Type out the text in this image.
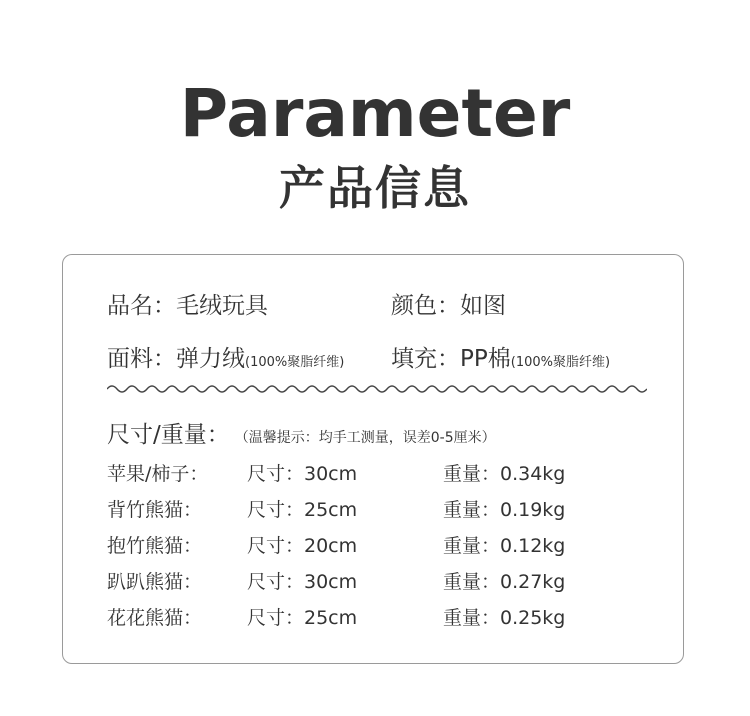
Parameter
产品信息
品名：毛绒玩具	颜色：如图
面料：弹力绒(100%聚脂纤维) 填充：PP棉(100%聚脂纤维)
尺寸/重量： （温馨提示：均手工测量，误差0-5厘米）
苹果/柿子： 尺寸：30cm	重量：0.34kg
背竹熊猫： 尺寸：25cm	重量：0.19kg
抱竹熊猫： 尺寸：20cm	重量：0.12kg
趴趴熊猫： 尺寸：30cm	重量：0.27kg
花花熊猫： 尺寸：25cm	重量：0.25kg
